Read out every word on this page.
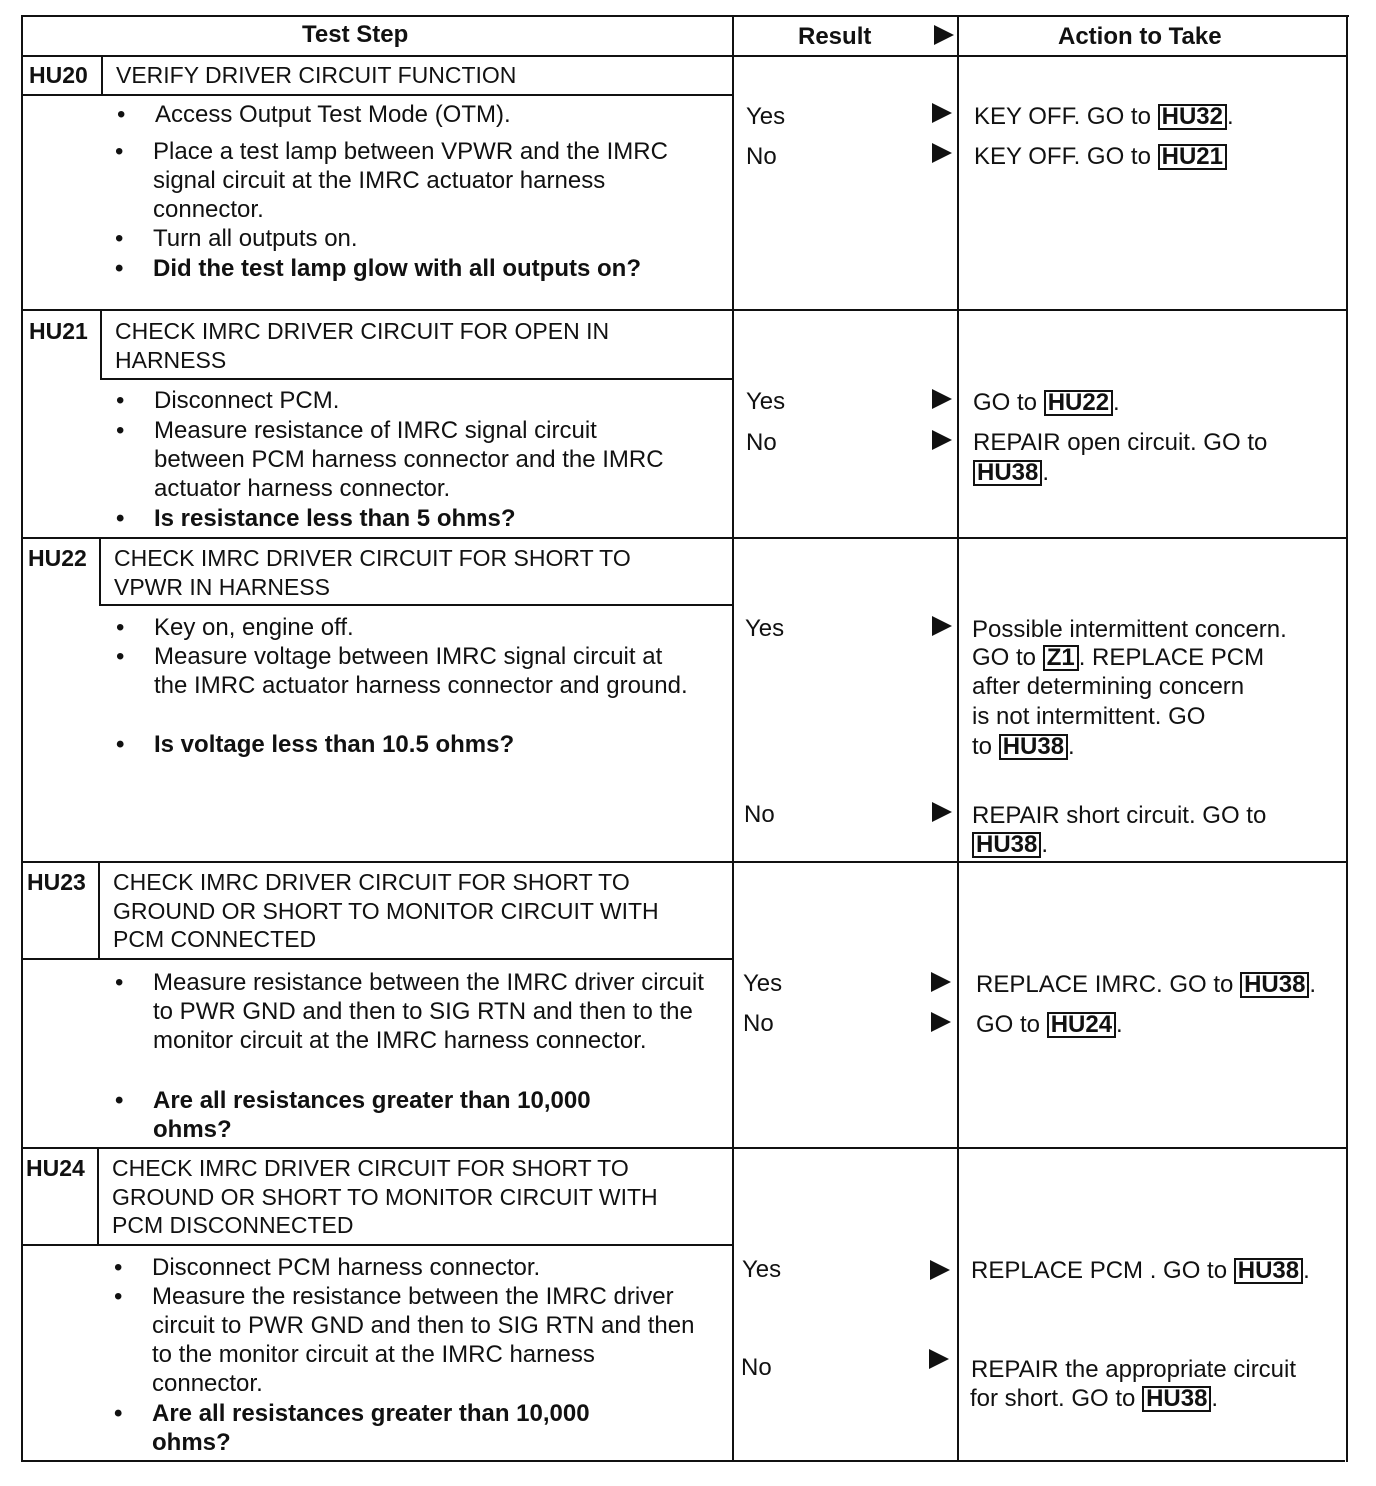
Test Step	Result	Action to Take
HU20 VERIFY DRIVER CIRCUIT FUNCTION
• Access Output Test Mode (OTM).
• Place a test lamp between VPWR and the IMRC signal circuit at the IMRC actuator harness connector.
• Turn all outputs on.
• Did the test lamp glow with all outputs on?
Yes	KEY OFF. GO to HU32 .
No	KEY OFF. GO to HU21
HU21 CHECK IMRC DRIVER CIRCUIT FOR OPEN IN HARNESS
• Disconnect PCM.
• Measure resistance of IMRC signal circuit between PCM harness connector and the IMRC actuator harness connector.
• Is resistance less than 5 ohms?
Yes	GO to HU22 .
No	REPAIR open circuit. GO to
HU38 .
HU22 CHECK IMRC DRIVER CIRCUIT FOR SHORT TO VPWR IN HARNESS
• Key on, engine off.
• Measure voltage between IMRC signal circuit at the IMRC actuator harness connector and ground.
• Is voltage less than 10.5 ohms?
Yes	Possible intermittent concern.
GO to Z1 . REPLACE PCM
after determining concern
is not intermittent. GO
to HU38 .
No	REPAIR short circuit. GO to
HU38 .
HU23 CHECK IMRC DRIVER CIRCUIT FOR SHORT TO GROUND OR SHORT TO MONITOR CIRCUIT WITH PCM CONNECTED
• Measure resistance between the IMRC driver circuit to PWR GND and then to SIG RTN and then to the monitor circuit at the IMRC harness connector.
• Are all resistances greater than 10,000 ohms?
Yes	REPLACE IMRC. GO to HU38 .
No	GO to HU24 .
HU24 CHECK IMRC DRIVER CIRCUIT FOR SHORT TO GROUND OR SHORT TO MONITOR CIRCUIT WITH PCM DISCONNECTED
• Disconnect PCM harness connector.
• Measure the resistance between the IMRC driver circuit to PWR GND and then to SIG RTN and then to the monitor circuit at the IMRC harness connector.
• Are all resistances greater than 10,000 ohms?
Yes	REPLACE PCM . GO to HU38 .
No	REPAIR the appropriate circuit
for short. GO to HU38 .
